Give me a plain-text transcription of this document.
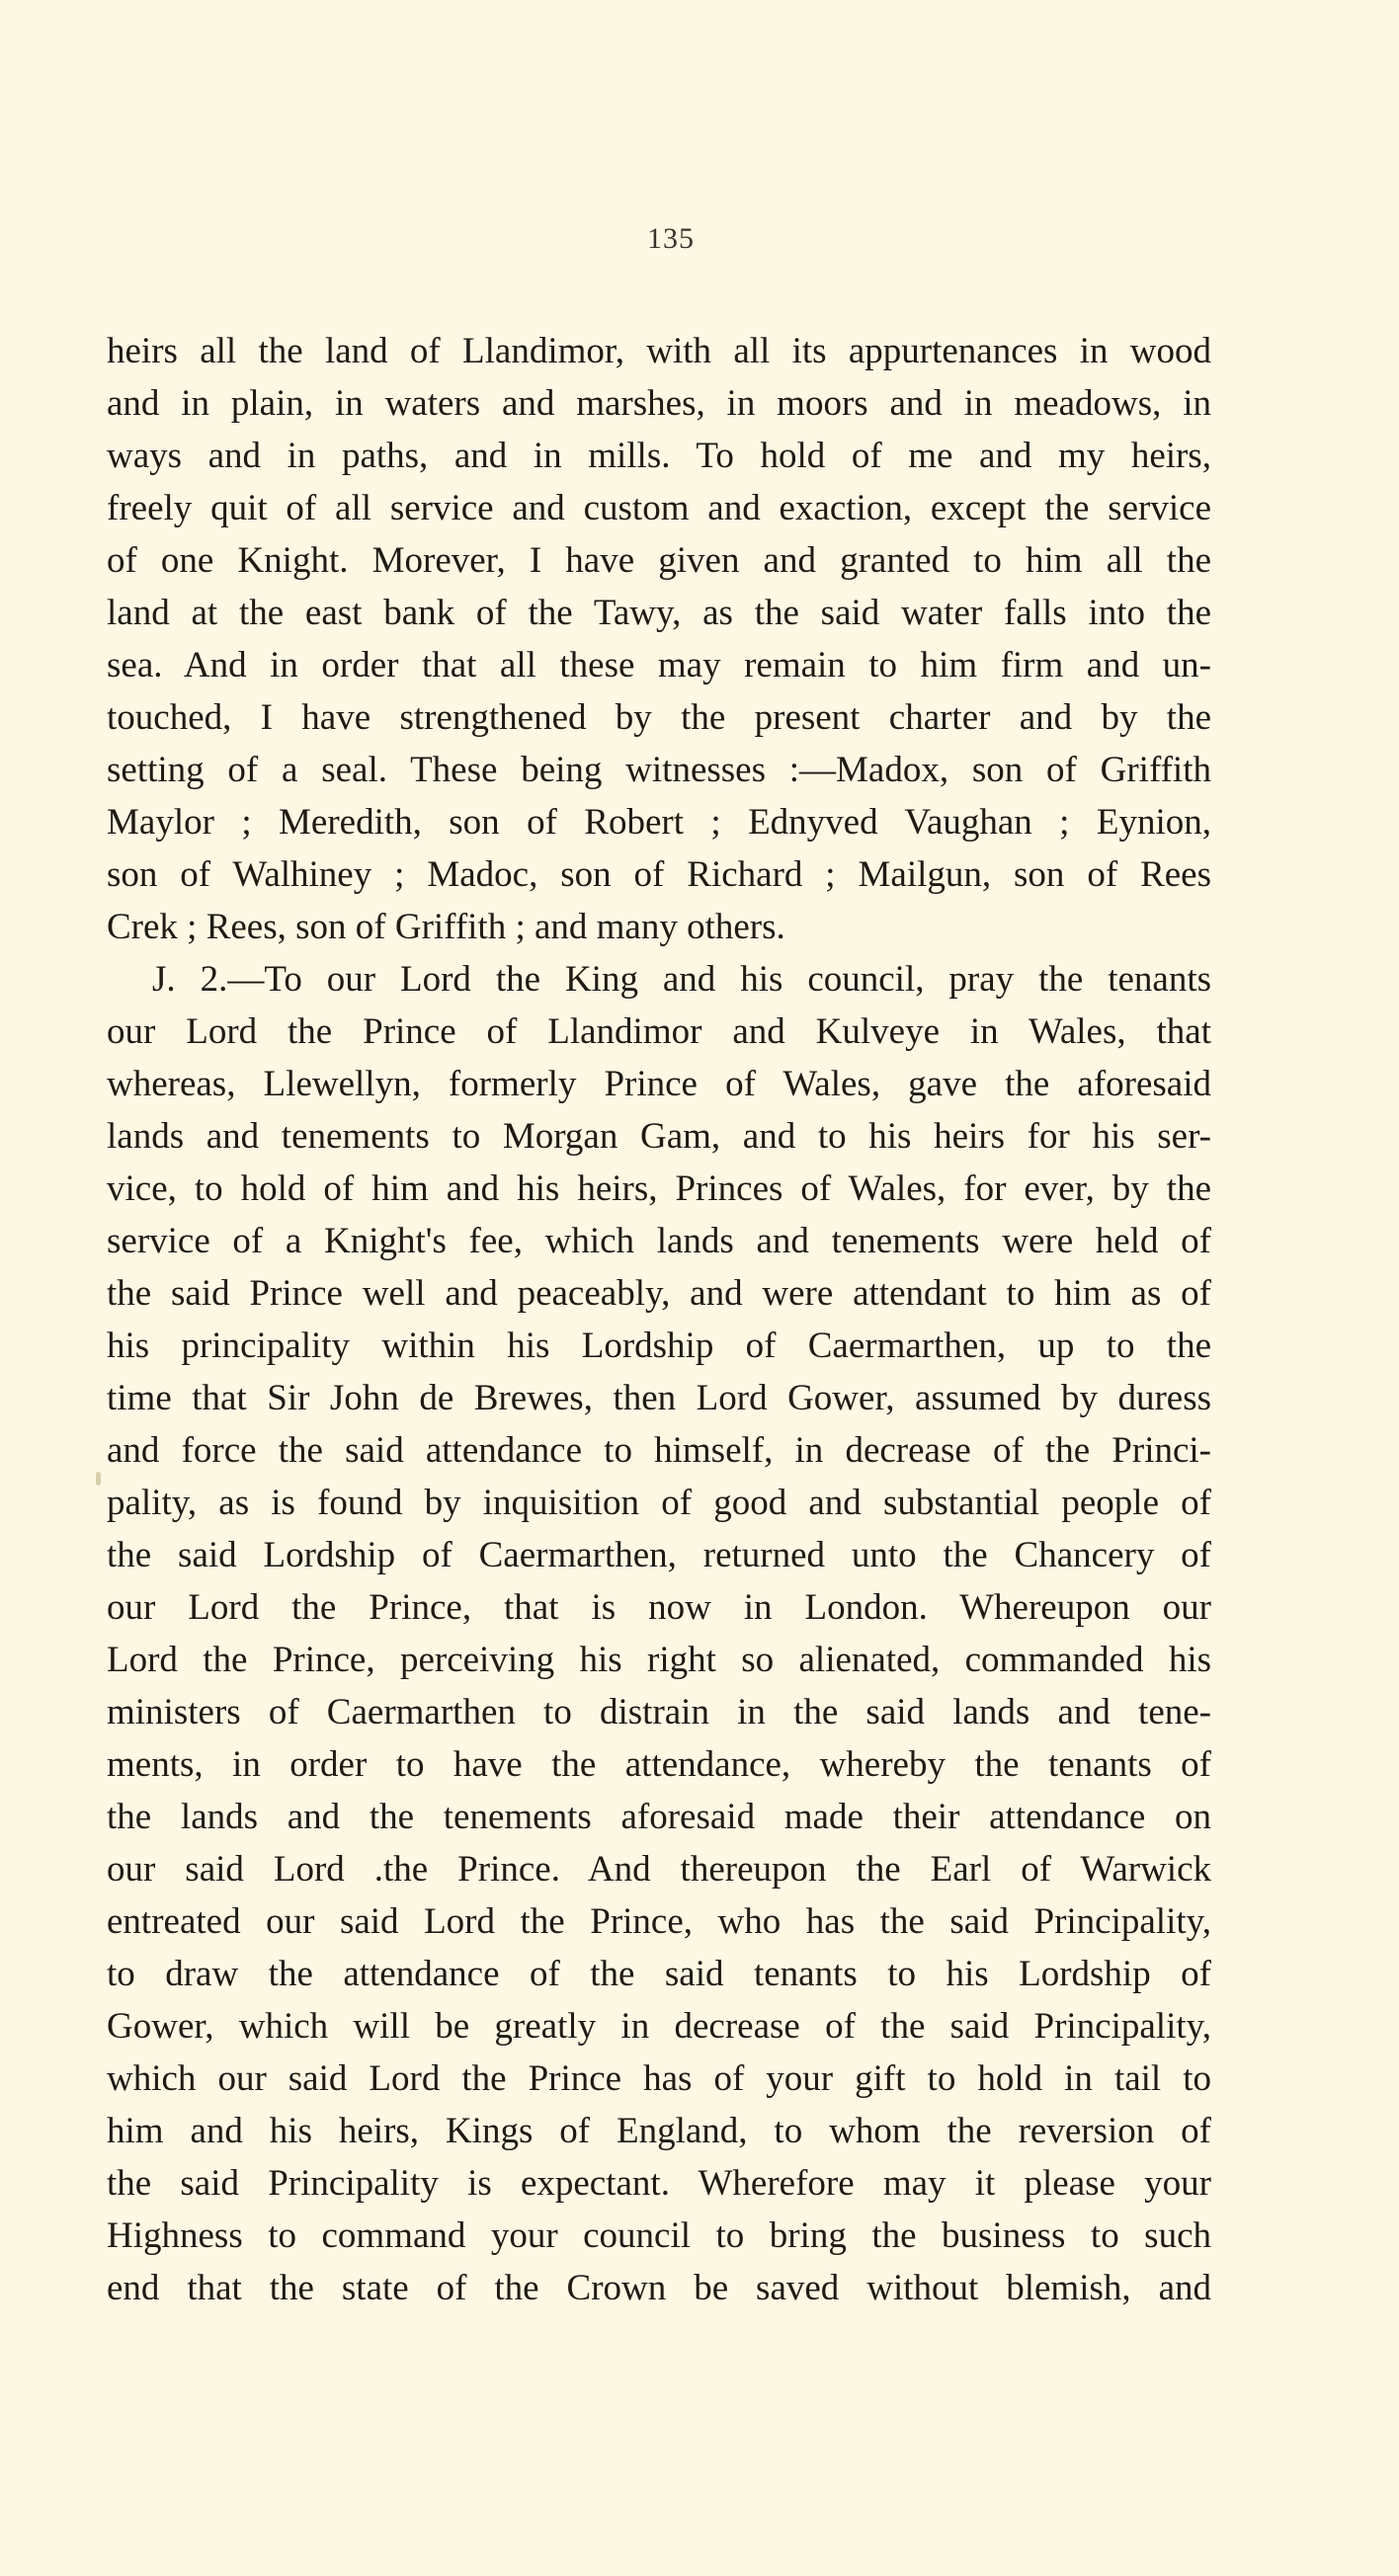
135
heirs all the land of Llandimor, with all its appurtenances in wood
and in plain, in waters and marshes, in moors and in meadows, in
ways and in paths, and in mills. To hold of me and my heirs,
freely quit of all service and custom and exaction, except the service
of one Knight. Morever, I have given and granted to him all the
land at the east bank of the Tawy, as the said water falls into the
sea. And in order that all these may remain to him firm and un-
touched, I have strengthened by the present charter and by the
setting of a seal. These being witnesses :—Madox, son of Griffith
Maylor ; Meredith, son of Robert ; Ednyved Vaughan ; Eynion,
son of Walhiney ; Madoc, son of Richard ; Mailgun, son of Rees
Crek ; Rees, son of Griffith ; and many others.
J. 2.—To our Lord the King and his council, pray the tenants
our Lord the Prince of Llandimor and Kulveye in Wales, that
whereas, Llewellyn, formerly Prince of Wales, gave the aforesaid
lands and tenements to Morgan Gam, and to his heirs for his ser-
vice, to hold of him and his heirs, Princes of Wales, for ever, by the
service of a Knight's fee, which lands and tenements were held of
the said Prince well and peaceably, and were attendant to him as of
his principality within his Lordship of Caermarthen, up to the
time that Sir John de Brewes, then Lord Gower, assumed by duress
and force the said attendance to himself, in decrease of the Princi-
pality, as is found by inquisition of good and substantial people of
the said Lordship of Caermarthen, returned unto the Chancery of
our Lord the Prince, that is now in London. Whereupon our
Lord the Prince, perceiving his right so alienated, commanded his
ministers of Caermarthen to distrain in the said lands and tene-
ments, in order to have the attendance, whereby the tenants of
the lands and the tenements aforesaid made their attendance on
our said Lord .the Prince. And thereupon the Earl of Warwick
entreated our said Lord the Prince, who has the said Principality,
to draw the attendance of the said tenants to his Lordship of
Gower, which will be greatly in decrease of the said Principality,
which our said Lord the Prince has of your gift to hold in tail to
him and his heirs, Kings of England, to whom the reversion of
the said Principality is expectant. Wherefore may it please your
Highness to command your council to bring the business to such
end that the state of the Crown be saved without blemish, and
